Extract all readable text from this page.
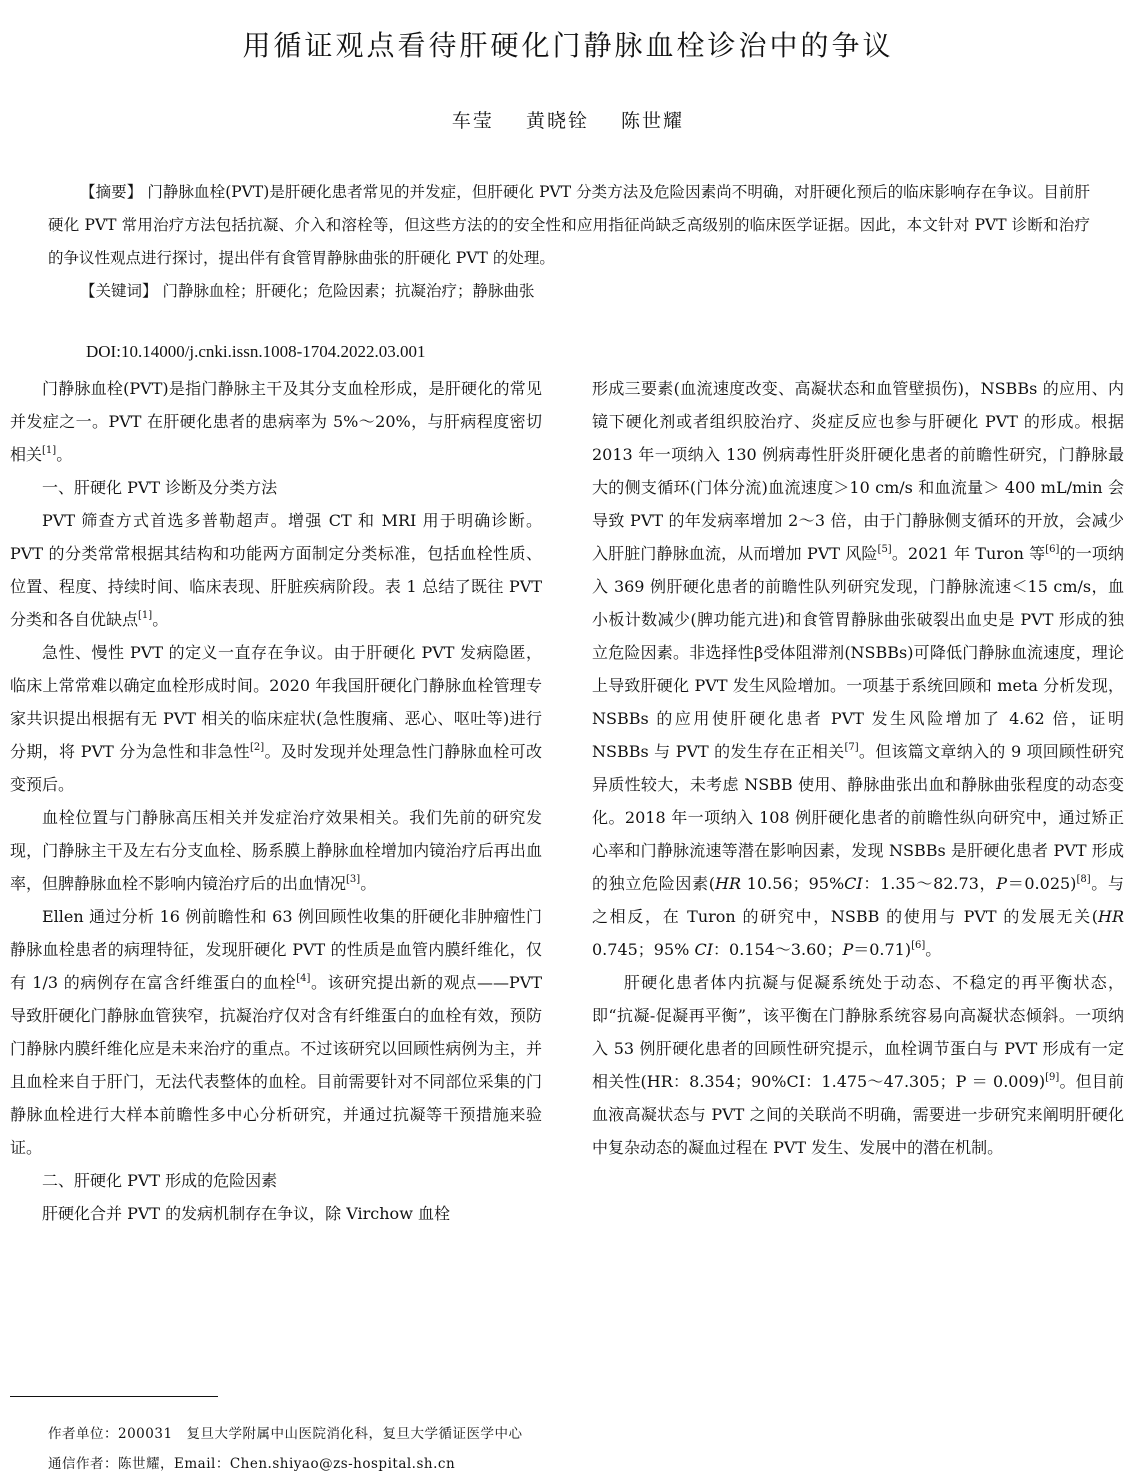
用循证观点看待肝硬化门静脉血栓诊治中的争议
车莹 黄晓铨 陈世耀

【摘要】 门静脉血栓(PVT)是肝硬化患者常见的并发症，但肝硬化 PVT 分类方法及危险因素尚不明确，对肝硬化预后的临床影响存在争议。目前肝硬化 PVT 常用治疗方法包括抗凝、介入和溶栓等，但这些方法的的安全性和应用指征尚缺乏高级别的临床医学证据。因此，本文针对 PVT 诊断和治疗的争议性观点进行探讨，提出伴有食管胃静脉曲张的肝硬化 PVT 的处理。

【关键词】 门静脉血栓；肝硬化；危险因素；抗凝治疗；静脉曲张

DOI:10.14000/j.cnki.issn.1008-1704.2022.03.001

门静脉血栓(PVT)是指门静脉主干及其分支血栓形成，是肝硬化的常见并发症之一。PVT 在肝硬化患者的患病率为 5%～20%，与肝病程度密切相关[1]。

一、肝硬化 PVT 诊断及分类方法

PVT 筛查方式首选多普勒超声。增强 CT 和 MRI 用于明确诊断。PVT 的分类常常根据其结构和功能两方面制定分类标准，包括血栓性质、位置、程度、持续时间、临床表现、肝脏疾病阶段。表 1 总结了既往 PVT 分类和各自优缺点[1]。

急性、慢性 PVT 的定义一直存在争议。由于肝硬化 PVT 发病隐匿，临床上常常难以确定血栓形成时间。2020 年我国肝硬化门静脉血栓管理专家共识提出根据有无 PVT 相关的临床症状(急性腹痛、恶心、呕吐等)进行分期，将 PVT 分为急性和非急性[2]。及时发现并处理急性门静脉血栓可改变预后。

血栓位置与门静脉高压相关并发症治疗效果相关。我们先前的研究发现，门静脉主干及左右分支血栓、肠系膜上静脉血栓增加内镜治疗后再出血率，但脾静脉血栓不影响内镜治疗后的出血情况[3]。

Ellen 通过分析 16 例前瞻性和 63 例回顾性收集的肝硬化非肿瘤性门静脉血栓患者的病理特征，发现肝硬化 PVT 的性质是血管内膜纤维化，仅有 1/3 的病例存在富含纤维蛋白的血栓[4]。该研究提出新的观点——PVT 导致肝硬化门静脉血管狭窄，抗凝治疗仅对含有纤维蛋白的血栓有效，预防门静脉内膜纤维化应是未来治疗的重点。不过该研究以回顾性病例为主，并且血栓来自于肝门，无法代表整体的血栓。目前需要针对不同部位采集的门静脉血栓进行大样本前瞻性多中心分析研究，并通过抗凝等干预措施来验证。

二、肝硬化 PVT 形成的危险因素

肝硬化合并 PVT 的发病机制存在争议，除 Virchow 血栓

形成三要素(血流速度改变、高凝状态和血管壁损伤)，NSBBs 的应用、内镜下硬化剂或者组织胶治疗、炎症反应也参与肝硬化 PVT 的形成。根据 2013 年一项纳入 130 例病毒性肝炎肝硬化患者的前瞻性研究，门静脉最大的侧支循环(门体分流)血流速度＞10 cm/s 和血流量＞ 400 mL/min 会导致 PVT 的年发病率增加 2～3 倍，由于门静脉侧支循环的开放，会减少入肝脏门静脉血流，从而增加 PVT 风险[5]。2021 年 Turon 等[6]的一项纳入 369 例肝硬化患者的前瞻性队列研究发现，门静脉流速＜15 cm/s，血小板计数减少(脾功能亢进)和食管胃静脉曲张破裂出血史是 PVT 形成的独立危险因素。非选择性β受体阻滞剂(NSBBs)可降低门静脉血流速度，理论上导致肝硬化 PVT 发生风险增加。一项基于系统回顾和 meta 分析发现，NSBBs 的应用使肝硬化患者 PVT 发生风险增加了 4.62 倍，证明 NSBBs 与 PVT 的发生存在正相关[7]。但该篇文章纳入的 9 项回顾性研究异质性较大，未考虑 NSBB 使用、静脉曲张出血和静脉曲张程度的动态变化。2018 年一项纳入 108 例肝硬化患者的前瞻性纵向研究中，通过矫正心率和门静脉流速等潜在影响因素，发现 NSBBs 是肝硬化患者 PVT 形成的独立危险因素(HR 10.56；95%CI：1.35～82.73，P＝0.025)[8]。与之相反，在 Turon 的研究中，NSBB 的使用与 PVT 的发展无关(HR 0.745；95% CI：0.154～3.60；P＝0.71)[6]。

肝硬化患者体内抗凝与促凝系统处于动态、不稳定的再平衡状态，即“抗凝-促凝再平衡”，该平衡在门静脉系统容易向高凝状态倾斜。一项纳入 53 例肝硬化患者的回顾性研究提示，血栓调节蛋白与 PVT 形成有一定相关性(HR：8.354；90%CI：1.475～47.305；P ＝ 0.009)[9]。但目前血液高凝状态与 PVT 之间的关联尚不明确，需要进一步研究来阐明肝硬化中复杂动态的凝血过程在 PVT 发生、发展中的潜在机制。

作者单位：200031　复旦大学附属中山医院消化科，复旦大学循证医学中心
通信作者：陈世耀，Email：Chen.shiyao@zs-hospital.sh.cn
